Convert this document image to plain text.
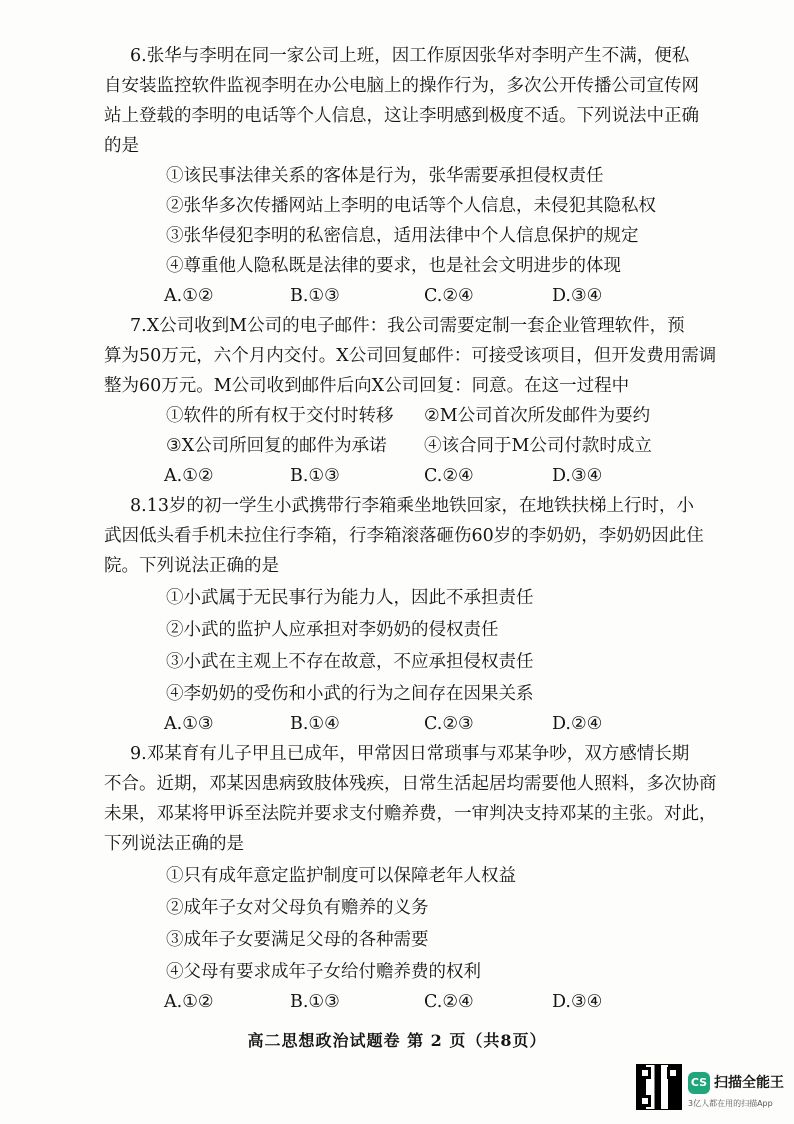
6.张华与李明在同一家公司上班，因工作原因张华对李明产生不满，便私
自安装监控软件监视李明在办公电脑上的操作行为，多次公开传播公司宣传网
站上登载的李明的电话等个人信息，这让李明感到极度不适。下列说法中正确
的是
①该民事法律关系的客体是行为，张华需要承担侵权责任
②张华多次传播网站上李明的电话等个人信息，未侵犯其隐私权
③张华侵犯李明的私密信息，适用法律中个人信息保护的规定
④尊重他人隐私既是法律的要求，也是社会文明进步的体现
A.①②	B.①③	C.②④	D.③④
7.X公司收到M公司的电子邮件：我公司需要定制一套企业管理软件，预
算为50万元，六个月内交付。X公司回复邮件：可接受该项目，但开发费用需调
整为60万元。M公司收到邮件后向X公司回复：同意。在这一过程中
①软件的所有权于交付时转移 ②M公司首次所发邮件为要约
③X公司所回复的邮件为承诺 ④该合同于M公司付款时成立
A.①②	B.①③	C.②④	D.③④
8.13岁的初一学生小武携带行李箱乘坐地铁回家，在地铁扶梯上行时，小
武因低头看手机未拉住行李箱，行李箱滚落砸伤60岁的李奶奶，李奶奶因此住
院。下列说法正确的是
①小武属于无民事行为能力人，因此不承担责任
②小武的监护人应承担对李奶奶的侵权责任
③小武在主观上不存在故意，不应承担侵权责任
④李奶奶的受伤和小武的行为之间存在因果关系
A.①③	B.①④	C.②③	D.②④
9.邓某育有儿子甲且已成年，甲常因日常琐事与邓某争吵，双方感情长期
不合。近期，邓某因患病致肢体残疾，日常生活起居均需要他人照料，多次协商
未果，邓某将甲诉至法院并要求支付赡养费，一审判决支持邓某的主张。对此，
下列说法正确的是
①只有成年意定监护制度可以保障老年人权益
②成年子女对父母负有赡养的义务
③成年子女要满足父母的各种需要
④父母有要求成年子女给付赡养费的权利
A.①②	B.①③	C.②④	D.③④
高二思想政治试题卷 第 2 页（共8页）
CS 扫描全能王
3亿人都在用的扫描App
